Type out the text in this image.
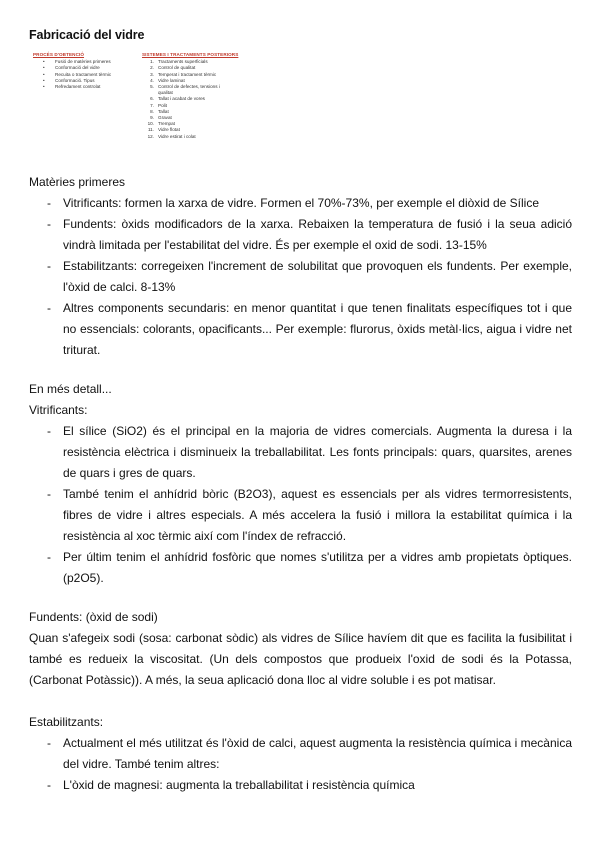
Fabricació del vidre
PROCÉS D'OBTENCIÓ
• Fusió de matèries primeres
• Conformació del vidre
• Recuita o tractament tèrmic
• Conformació. Tipus
• Refredament controlat
SISTEMES I TRACTAMENTS POSTERIORS
1. Tractaments superficials
2. Control de qualitat
3. Temperat i tractament tèrmic
4. Vidre laminat
5. Control de defectes, tensions i
qualitat
6. Tallat i acabat de vores
7. Polit
8. Tallat
9. Gravat
10. Trempat
11. Vidre flotat
12. Vidre estirat i colat
Matèries primeres
- Vitrificants: formen la xarxa de vidre. Formen el 70%-73%, per exemple el diòxid de Sílice
- Fundents: òxids modificadors de la xarxa. Rebaixen la temperatura de fusió i la seua adició vindrà limitada per l'estabilitat del vidre. És per exemple el oxid de sodi. 13-15%
- Estabilitzants: corregeixen l'increment de solubilitat que provoquen els fundents. Per exemple, l'òxid de calci. 8-13%
- Altres components secundaris: en menor quantitat i que tenen finalitats específiques tot i que no essencials: colorants, opacificants... Per exemple: flurorus, òxids metàl·lics, aigua i vidre net triturat.
En més detall...
Vitrificants:
- El sílice (SiO2) és el principal en la majoria de vidres comercials. Augmenta la duresa i la resistència elèctrica i disminueix la treballabilitat. Les fonts principals: quars, quarsites, arenes de quars i gres de quars.
- També tenim el anhídrid bòric (B2O3), aquest es essencials per als vidres termorresistents, fibres de vidre i altres especials. A més accelera la fusió i millora la estabilitat química i la resistència al xoc tèrmic així com l'índex de refracció.
- Per últim tenim el anhídrid fosfòric que nomes s'utilitza per a vidres amb propietats òptiques. (p2O5).
Fundents: (òxid de sodi)
Quan s'afegeix sodi (sosa: carbonat sòdic) als vidres de Sílice havíem dit que es facilita la fusibilitat i també es redueix la viscositat. (Un dels compostos que produeix l'oxid de sodi és la Potassa, (Carbonat Potàssic)). A més, la seua aplicació dona lloc al vidre soluble i es pot matisar.
Estabilitzants:
- Actualment el més utilitzat és l'òxid de calci, aquest augmenta la resistència química i mecànica del vidre. També tenim altres:
- L'òxid de magnesi: augmenta la treballabilitat i resistència química
